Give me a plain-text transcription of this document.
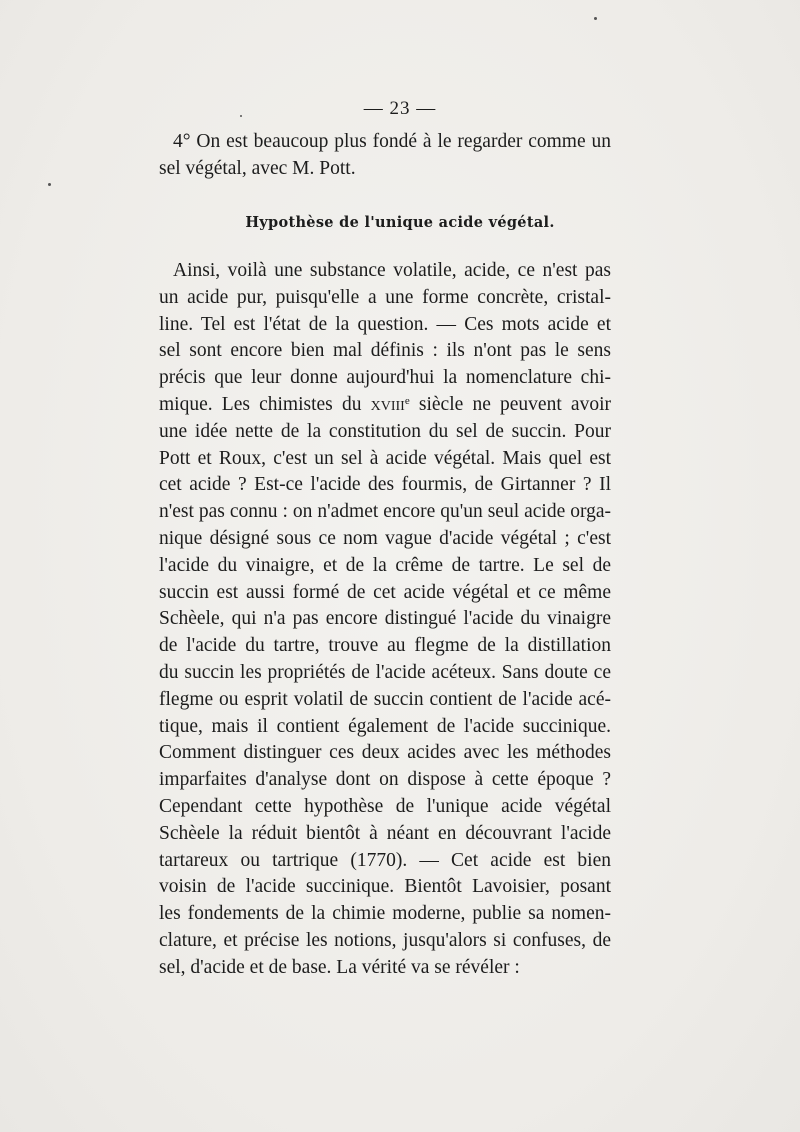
— 23 —
4° On est beaucoup plus fondé à le regarder comme un
sel végétal, avec M. Pott.
Hypothèse de l'unique acide végétal.
Ainsi, voilà une substance volatile, acide, ce n'est pas
un acide pur, puisqu'elle a une forme concrète, cristal-
line. Tel est l'état de la question. — Ces mots acide et
sel sont encore bien mal définis : ils n'ont pas le sens
précis que leur donne aujourd'hui la nomenclature chi-
mique. Les chimistes du xviii$^e$ siècle ne peuvent avoir
une idée nette de la constitution du sel de succin. Pour
Pott et Roux, c'est un sel à acide végétal. Mais quel est
cet acide ? Est-ce l'acide des fourmis, de Girtanner ? Il
n'est pas connu : on n'admet encore qu'un seul acide orga-
nique désigné sous ce nom vague d'acide végétal ; c'est
l'acide du vinaigre, et de la crême de tartre. Le sel de
succin est aussi formé de cet acide végétal et ce même
Schèele, qui n'a pas encore distingué l'acide du vinaigre
de l'acide du tartre, trouve au flegme de la distillation
du succin les propriétés de l'acide acéteux. Sans doute ce
flegme ou esprit volatil de succin contient de l'acide acé-
tique, mais il contient également de l'acide succinique.
Comment distinguer ces deux acides avec les méthodes
imparfaites d'analyse dont on dispose à cette époque ?
Cependant cette hypothèse de l'unique acide végétal
Schèele la réduit bientôt à néant en découvrant l'acide
tartareux ou tartrique (1770). — Cet acide est bien
voisin de l'acide succinique. Bientôt Lavoisier, posant
les fondements de la chimie moderne, publie sa nomen-
clature, et précise les notions, jusqu'alors si confuses, de
sel, d'acide et de base. La vérité va se révéler :
